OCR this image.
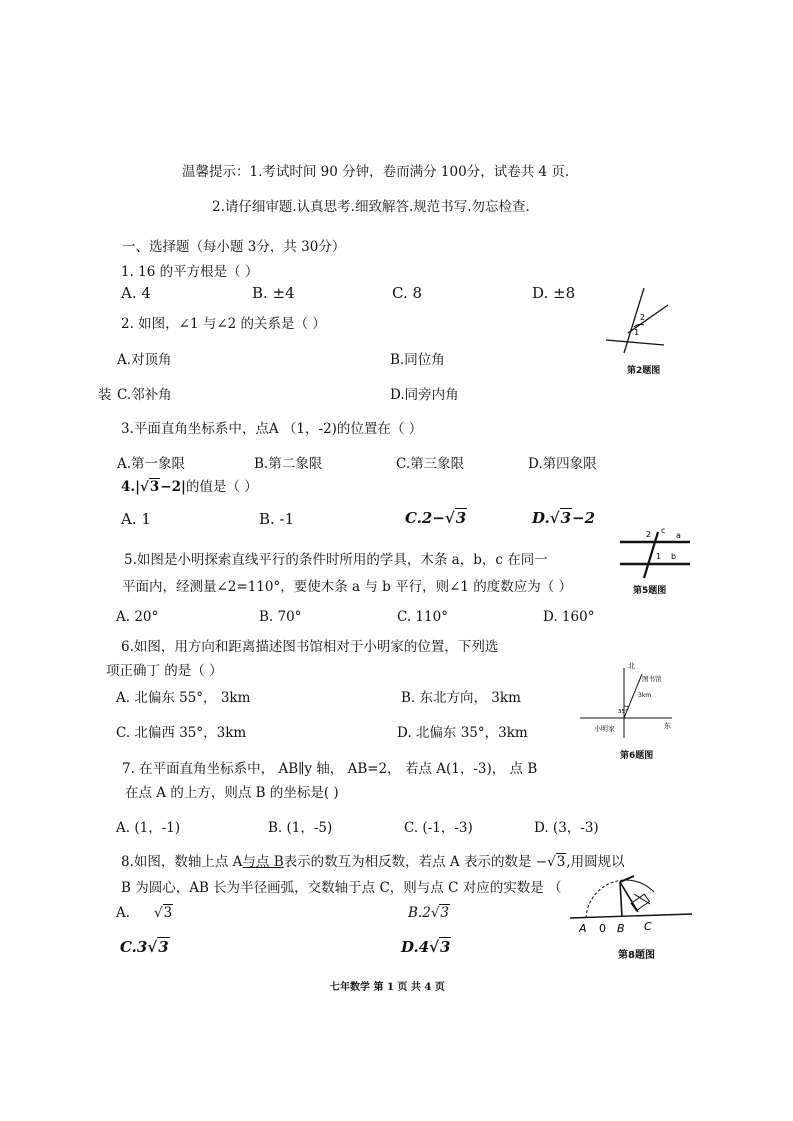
温馨提示：1.考试时间 90 分钟，卷而满分 100分，试卷共 4 页.
2.请仔细审题.认真思考.细致解答.规范书写.勿忘检查.
一、选择题（每小题 3分，共 30分）
1. 16 的平方根是（ ）
A. 4	B. ±4	C. 8	D. ±8
2. 如图，∠1 与∠2 的关系是（ ）
A.对顶角	B.同位角
装 C.邻补角	D.同旁内角
1
2
第2题图
3.平面直角坐标系中，点A （1，-2)的位置在（ ）
A.第一象限	B.第二象限	C.第三象限	D.第四象限
4.|√3−2|的值是（ ）
A. 1	B. -1	C.2−√3	D.√3−2
2 c
a
1 b
第5题图
5.如图是小明探索直线平行的条件时所用的学具，木条 a，b，c 在同一
平面内，经测量∠2=110°，要使木条 a 与 b 平行，则∠1 的度数应为（ ）
A. 20°	B. 70°	C. 110°	D. 160°
6.如图，用方向和距离描述图书馆相对于小明家的位置，下列选
项正确丁 的是（ ）
A. 北偏东 55°， 3km	B. 东北方向， 3km
C. 北偏西 35°，3km	D. 北偏东 35°，3km
北
东
图书馆
3km
35°
小明家
第6题图
7. 在平面直角坐标系中， AB∥y 轴， AB=2， 若点 A(1，-3)， 点 B
在点 A 的上方，则点 B 的坐标是( )
A. (1，-1)	B. (1，-5)	C. (-1，-3)	D. (3，-3)
8.如图，数轴上点 A与点 B表示的数互为相反数，若点 A 表示的数是 −√3,用圆规以
B 为圆心，AB 长为半径画弧，交数轴于点 C，则与点 C 对应的实数是 （
A. √3	B.2√3
C.3√3	D.4√3
A 0 B C
第8题图
七年数学 第 1 页 共 4 页
